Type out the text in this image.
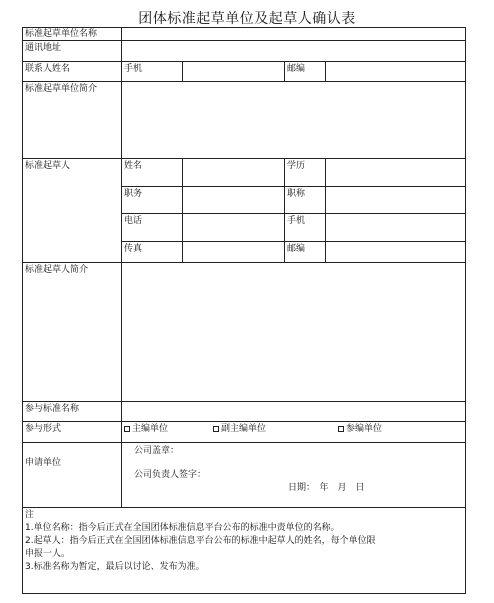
团体标准起草单位及起草人确认表
标准起草单位名称
通讯地址
联系人姓名	手机	邮编
标准起草单位简介
标准起草人	姓名	学历
职务	职称
电话	手机
传真	邮编
标准起草人简介
参与标准名称
参与形式	主编单位	副主编单位	参编单位
申请单位
公司盖章：
公司负责人签字：
日期：　年　月　日
注
1.单位名称：指今后正式在全国团体标准信息平台公布的标准中责单位的名称。
2.起草人：指今后正式在全国团体标准信息平台公布的标准中起草人的姓名，每个单位限
申报一人。
3.标准名称为暂定，最后以讨论、发布为准。
